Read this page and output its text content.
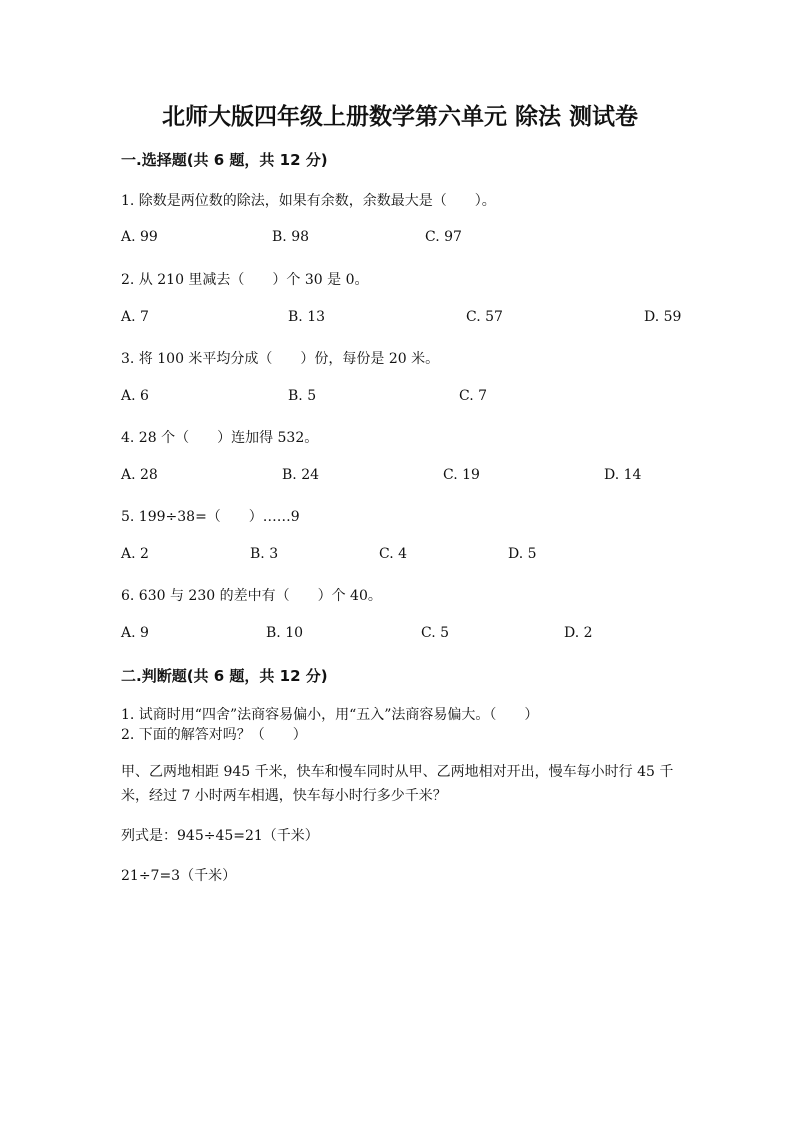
北师大版四年级上册数学第六单元 除法 测试卷
一.选择题(共 6 题，共 12 分)
1. 除数是两位数的除法，如果有余数，余数最大是（　　）。
A. 99	B. 98	C. 97
2. 从 210 里减去（　　）个 30 是 0。
A. 7	B. 13	C. 57	D. 59
3. 将 100 米平均分成（　　）份，每份是 20 米。
A. 6	B. 5	C. 7
4. 28 个（　　）连加得 532。
A. 28	B. 24	C. 19	D. 14
5. 199÷38=（　　）……9
A. 2	B. 3	C. 4	D. 5
6. 630 与 230 的差中有（　　）个 40。
A. 9	B. 10	C. 5	D. 2
二.判断题(共 6 题，共 12 分)
1. 试商时用“四舍”法商容易偏小，用“五入”法商容易偏大。（　　）
2. 下面的解答对吗？（　　）
甲、乙两地相距 945 千米，快车和慢车同时从甲、乙两地相对开出，慢车每小时行 45 千米，经过 7 小时两车相遇，快车每小时行多少千米？
列式是：945÷45=21（千米）
21÷7=3（千米）
